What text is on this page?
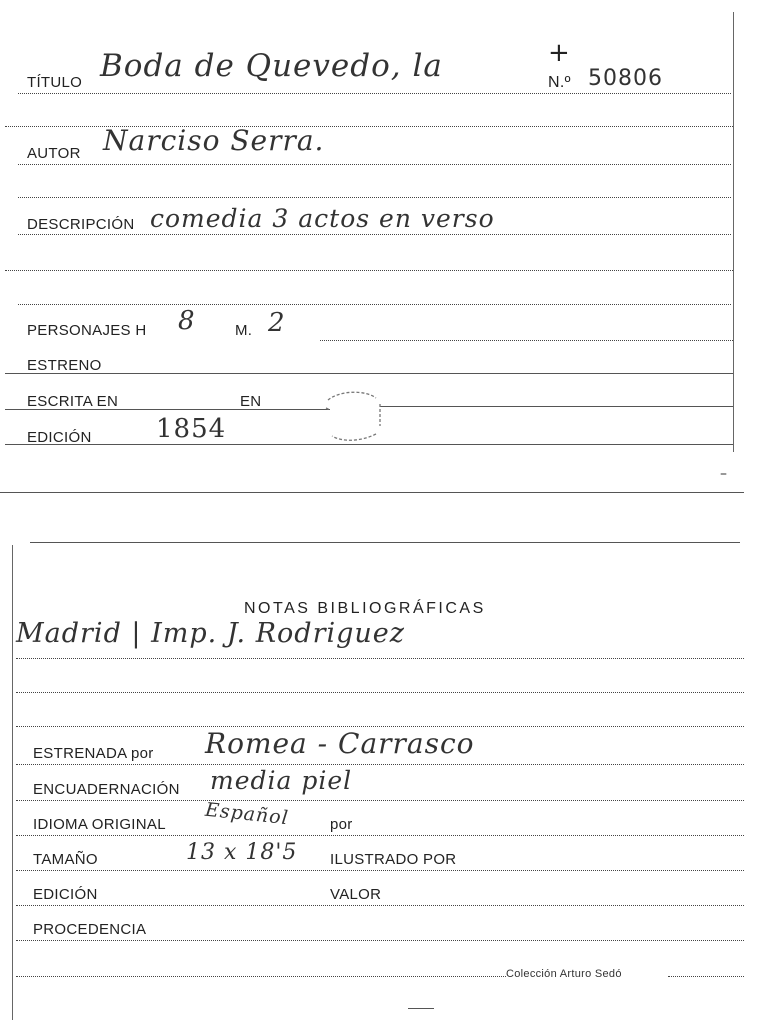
TÍTULO Boda de Quevedo, la	+
N.º 50806
AUTOR Narciso Serra.
DESCRIPCIÓN comedia 3 actos en verso
PERSONAJES H 8	M. 2
ESTRENO
ESCRITA EN	EN
EDICIÓN 1854
–
NOTAS BIBLIOGRÁFICAS
Madrid | Imp. J. Rodriguez
ESTRENADA por Romea - Carrasco
ENCUADERNACIÓN media piel
IDIOMA ORIGINAL Español	por
TAMAÑO	13 x 18'5 ILUSTRADO POR
EDICIÓN	VALOR
PROCEDENCIA
Colección Arturo Sedó
